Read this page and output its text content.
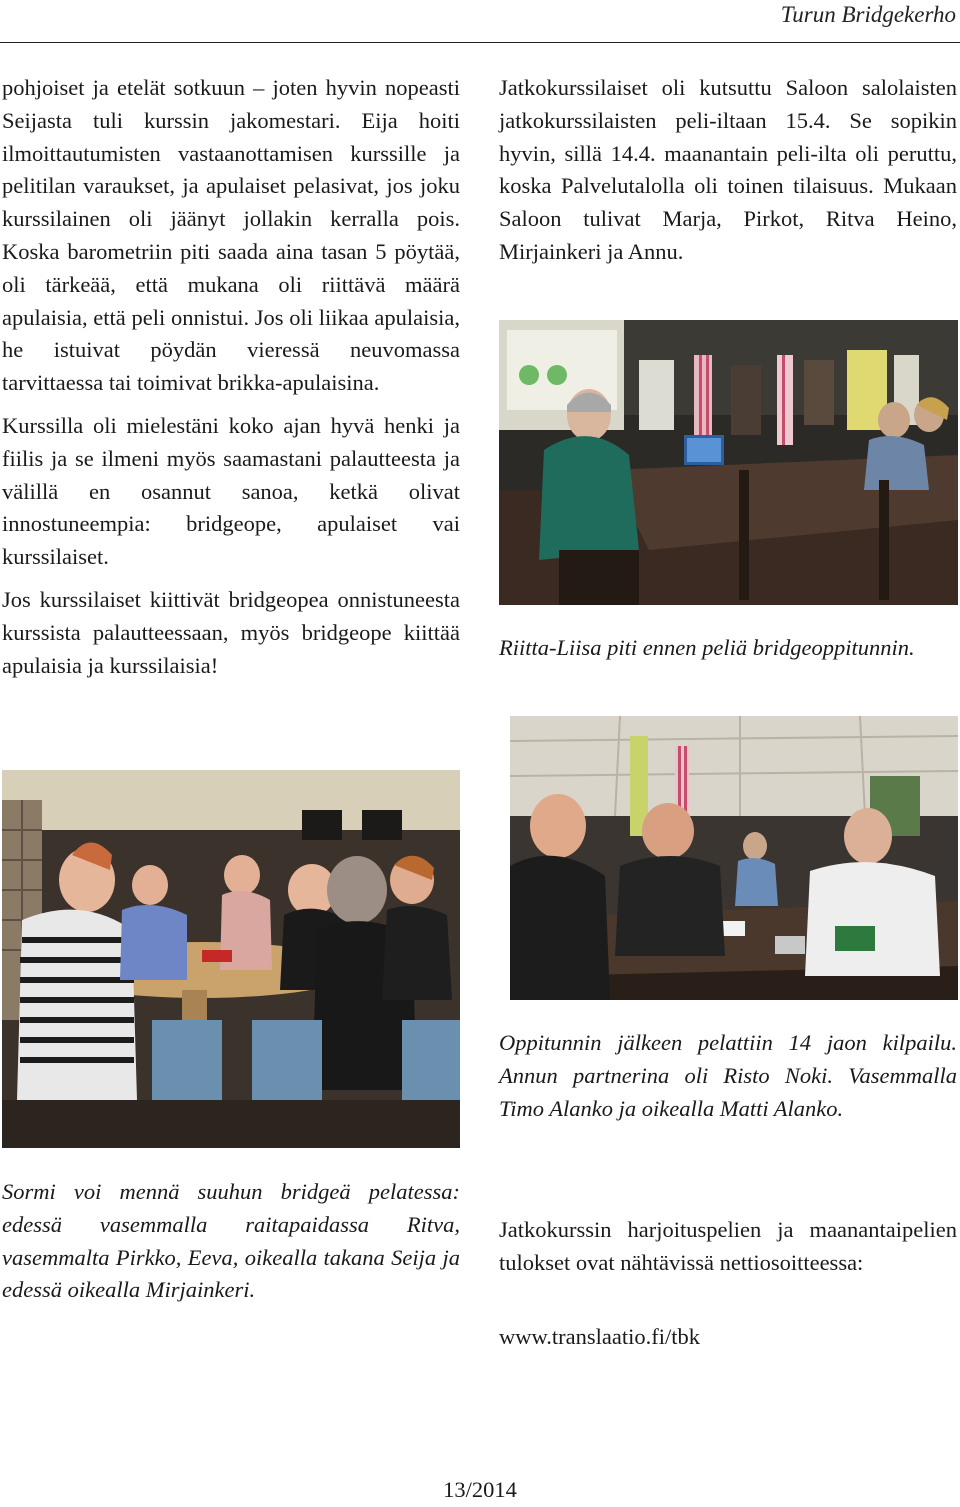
Turun Bridgekerho

pohjoiset ja etelät sotkuun – joten hyvin nopeasti Seijasta tuli kurssin jakomestari. Eija hoiti ilmoittautumisten vastaanottamisen kurssille ja pelitilan varaukset, ja apulaiset pelasivat, jos joku kurssilainen oli jäänyt jollakin kerralla pois. Koska barometriin piti saada aina tasan 5 pöytää, oli tärkeää, että mukana oli riittävä määrä apulaisia, että peli onnistui. Jos oli liikaa apulaisia, he istuivat pöydän vieressä neuvomassa tarvittaessa tai toimivat brikka-apulaisina.

Kurssilla oli mielestäni koko ajan hyvä henki ja fiilis ja se ilmeni myös saamastani palautteesta ja välillä en osannut sanoa, ketkä olivat innostuneempia: bridgeope, apulaiset vai kurssilaiset.

Jos kurssilaiset kiittivät bridgeopea onnistuneesta kurssista palautteessaan, myös bridgeope kiittää apulaisia ja kurssilaisia!

Jatkokurssilaiset oli kutsuttu Saloon salolaisten jatkokurssilaisten peli-iltaan 15.4. Se sopikin hyvin, sillä 14.4. maanantain peli-ilta oli peruttu, koska Palvelutalolla oli toinen tilaisuus. Mukaan Saloon tulivat Marja, Pirkot, Ritva Heino, Mirjainkeri ja Annu.

Riitta-Liisa piti ennen peliä bridgeoppitunnin.

Oppitunnin jälkeen pelattiin 14 jaon kilpailu. Annun partnerina oli Risto Noki. Vasemmalla Timo Alanko ja oikealla Matti Alanko.

Jatkokurssin harjoituspelien ja maanantaipelien tulokset ovat nähtävissä nettiosoitteessa:

www.translaatio.fi/tbk

Sormi voi mennä suuhun bridgeä pelatessa: edessä vasemmalla raitapaidassa Ritva, vasemmalta Pirkko, Eeva, oikealla takana Seija ja edessä oikealla Mirjainkeri.

13/2014
